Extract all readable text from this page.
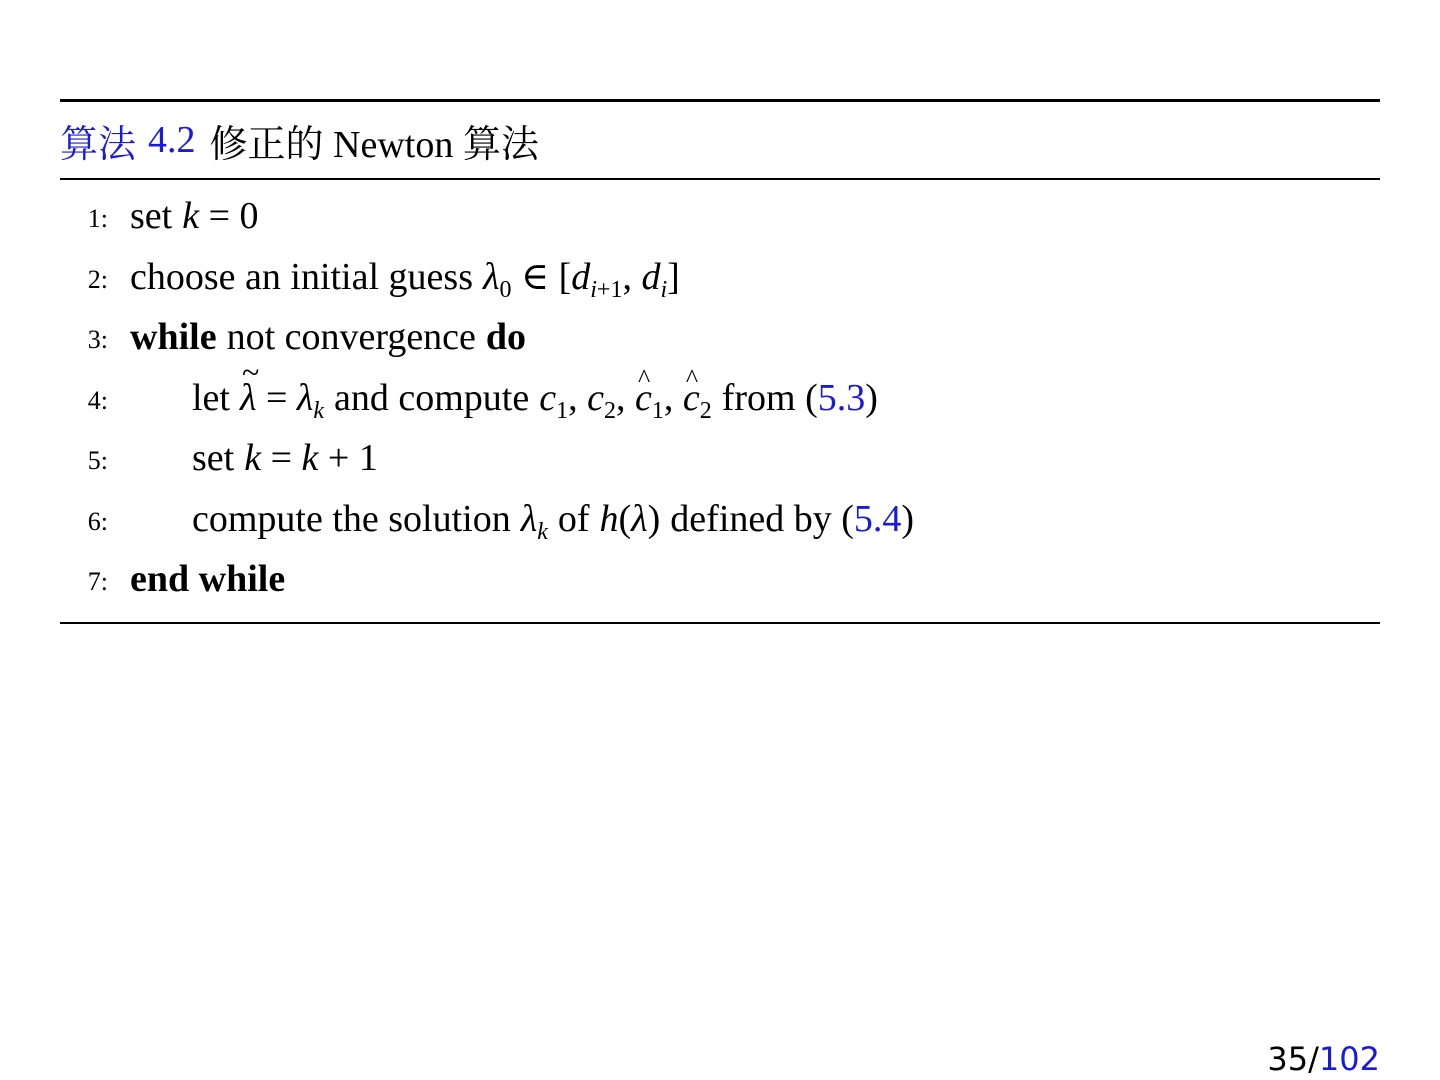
算法 4.2 修正的 Newton 算法
1: set k = 0
2: choose an initial guess $\lambda_0$ ∈ [$d_{i+1}$, $d_i$]
3: while not convergence do
4:	let
~ $\lambda = \lambda_k$ and compute $c_1$, $c_2$, ^ $c_1$, ^ $c_2$ from ( 5.3 )
5:	set k = k + 1
6:	compute the solution $\lambda_k$ of h(λ) defined by ( 5.4 )
7: end while
35/102
